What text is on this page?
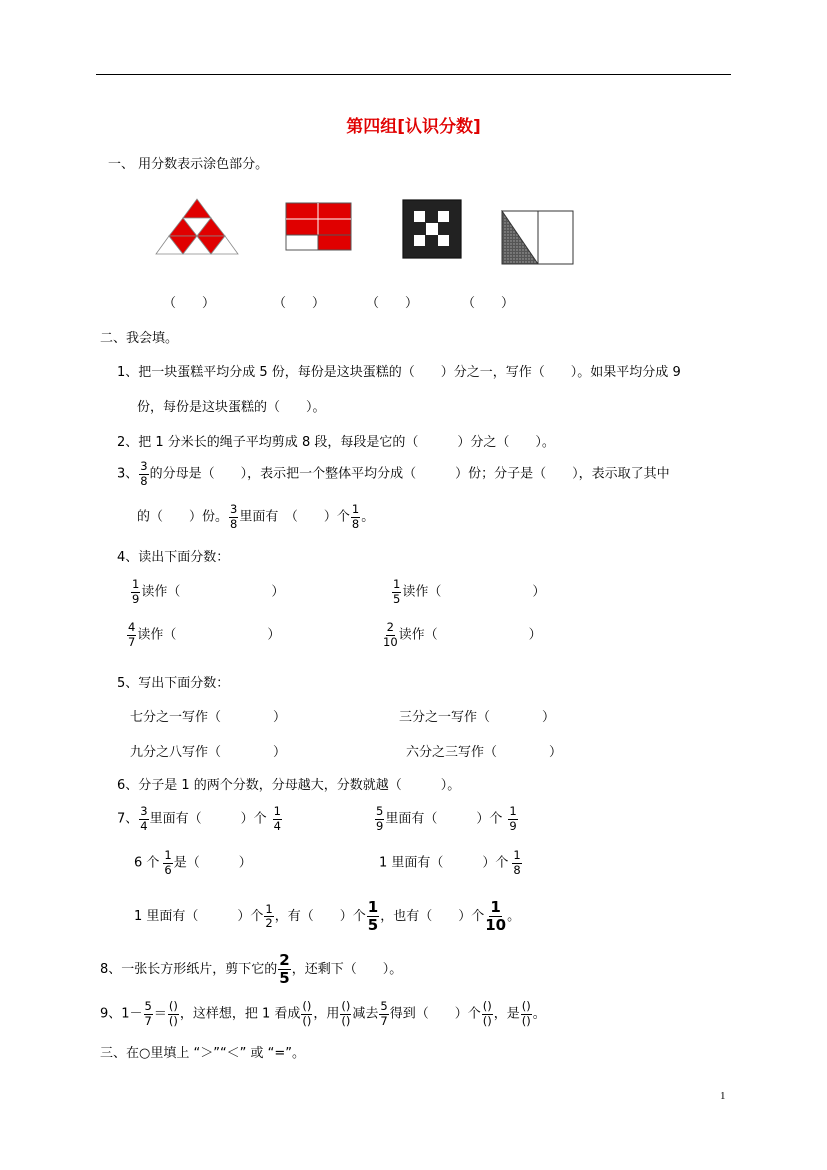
第四组[认识分数]
一、 用分数表示涂色部分。
（　　）	（　　）	（　　）	（　　）
二、我会填。
1、把一块蛋糕平均分成 5 份，每份是这块蛋糕的（　　）分之一，写作（　　）。如果平均分成 9
份，每份是这块蛋糕的（　　）。
2、把 1 分米长的绳子平均剪成 8 段，每段是它的（　　　）分之（　　）。
3、 $\frac{3}{8}$ 的分母是（　　），表示把一个整体平均分成（　　　）份；分子是（　　），表示取了其中
的（　　）份。 $\frac{3}{8}$ 里面有　（　　）个 $\frac{1}{8}$ 。
4、读出下面分数：
$\frac{1}{9}$ 读作（　　　　　　　）	$\frac{1}{5}$ 读作（　　　　　　　）
$\frac{4}{7}$ 读作（　　　　　　　）	$\frac{2}{10}$ 读作（　　　　　　　）
5、写出下面分数：
七分之一写作（　　　　）	三分之一写作（　　　　）
九分之八写作（　　　　）	六分之三写作（　　　　）
6、分子是 1 的两个分数，分母越大，分数就越（　　　）。
7、 $\frac{3}{4}$ 里面有（　　　）个 $\frac{1}{4}$	$\frac{5}{9}$ 里面有（　　　）个 $\frac{1}{9}$
6 个 $\frac{1}{6}$ 是（　　　）	1 里面有（　　　）个 $\frac{1}{8}$
1 里面有（　　　）个 $\frac{1}{2}$ ，有（　　）个 $\frac{1}{5}$ ，也有（　　）个 $\frac{1}{10}$ 。
8、一张长方形纸片，剪下它的 $\frac{2}{5}$ ，还剩下（　　）。
9、$1- \frac{5}{7} = \frac{()}{()}$ ，这样想，把 1 看成 $\frac{()}{()}$ ，用 $\frac{()}{()}$ 减去 $\frac{5}{7}$ 得到（　　）个 $\frac{()}{()}$ ，是 $\frac{()}{()}$ 。
三、在○里填上 “＞”“＜” 或 “=”。
1
